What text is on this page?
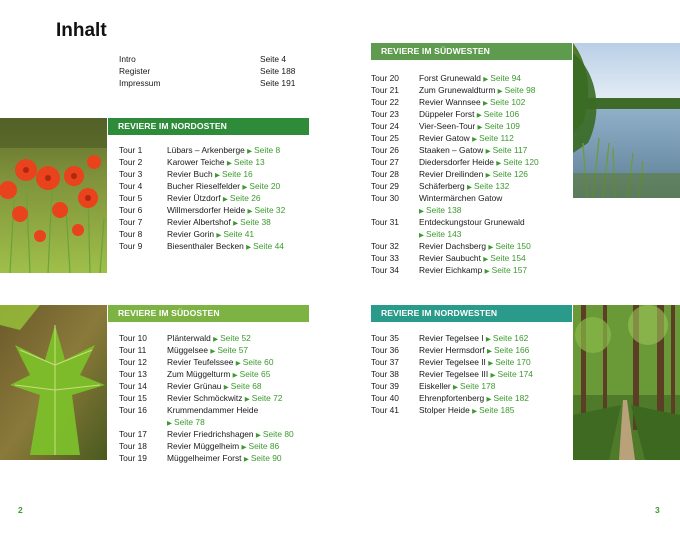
Inhalt
Intro	Seite 4
Register	Seite 188
Impressum	Seite 191
REVIERE IM NORDOSTEN
Tour 1	Lübars – Arkenberge ▶ Seite 8
Tour 2	Karower Teiche ▶ Seite 13
Tour 3	Revier Buch ▶ Seite 16
Tour 4	Bucher Rieselfelder ▶ Seite 20
Tour 5	Revier Ützdorf ▶ Seite 26
Tour 6	Willmersdorfer Heide ▶ Seite 32
Tour 7	Revier Albertshof ▶ Seite 38
Tour 8	Revier Gorin ▶ Seite 41
Tour 9	Biesenthaler Becken ▶ Seite 44
REVIERE IM SÜDOSTEN
Tour 10 Plänterwald ▶ Seite 52
Tour 11 Müggelsee ▶ Seite 57
Tour 12 Revier Teufelssee ▶ Seite 60
Tour 13 Zum Müggelturm ▶ Seite 65
Tour 14 Revier Grünau ▶ Seite 68
Tour 15 Revier Schmöckwitz ▶ Seite 72
Tour 16 Krummendammer Heide
▶ Seite 78
Tour 17 Revier Friedrichshagen ▶ Seite 80
Tour 18 Revier Müggelheim ▶ Seite 86
Tour 19 Müggelheimer Forst ▶ Seite 90
REVIERE IM SÜDWESTEN
Tour 20 Forst Grunewald ▶ Seite 94
Tour 21 Zum Grunewaldturm ▶ Seite 98
Tour 22 Revier Wannsee ▶ Seite 102
Tour 23 Düppeler Forst ▶ Seite 106
Tour 24 Vier-Seen-Tour ▶ Seite 109
Tour 25 Revier Gatow ▶ Seite 112
Tour 26 Staaken – Gatow ▶ Seite 117
Tour 27 Diedersdorfer Heide ▶ Seite 120
Tour 28 Revier Dreilinden ▶ Seite 126
Tour 29 Schäferberg ▶ Seite 132
Tour 30 Wintermärchen Gatow
▶ Seite 138
Tour 31 Entdeckungstour Grunewald
▶ Seite 143
Tour 32 Revier Dachsberg ▶ Seite 150
Tour 33 Revier Saubucht ▶ Seite 154
Tour 34 Revier Eichkamp ▶ Seite 157
REVIERE IM NORDWESTEN
Tour 35 Revier Tegelsee I ▶ Seite 162
Tour 36 Revier Hermsdorf ▶ Seite 166
Tour 37 Revier Tegelsee II ▶ Seite 170
Tour 38 Revier Tegelsee III ▶ Seite 174
Tour 39 Eiskeller ▶ Seite 178
Tour 40 Ehrenpfortenberg ▶ Seite 182
Tour 41 Stolper Heide ▶ Seite 185
2	3
